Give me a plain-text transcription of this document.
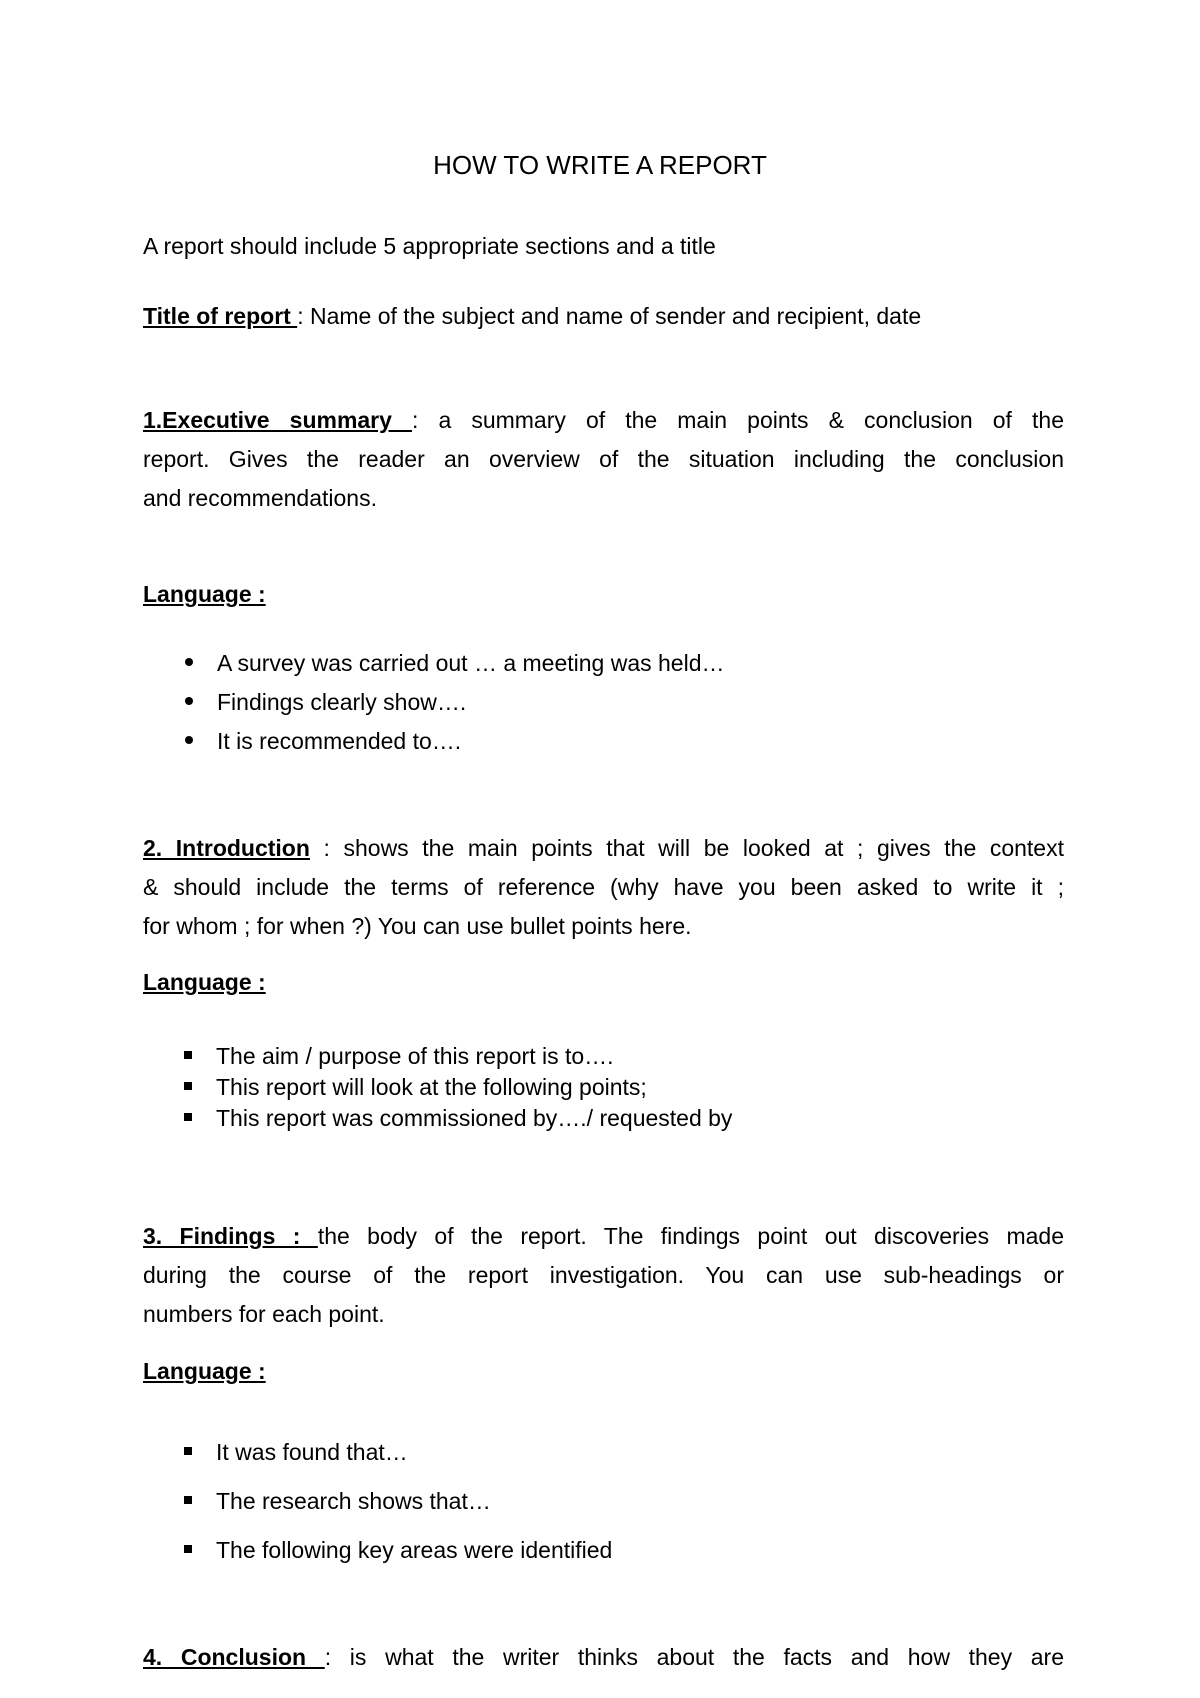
HOW TO WRITE A REPORT
A report should include 5 appropriate sections and a title
Title of report : Name of the subject and name of sender and recipient, date
1.Executive summary : a summary of the main points & conclusion of the
report. Gives the reader an overview of the situation including the conclusion
and recommendations.
Language :
A survey was carried out … a meeting was held…
Findings clearly show….
It is recommended to….
2. Introduction : shows the main points that will be looked at ; gives the context
& should include the terms of reference (why have you been asked to write it ;
for whom ; for when ?) You can use bullet points here.
Language :
The aim / purpose of this report is to….
This report will look at the following points;
This report was commissioned by…./ requested by
3. Findings : the body of the report. The findings point out discoveries made
during the course of the report investigation. You can use sub-headings or
numbers for each point.
Language :
It was found that…
The research shows that…
The following key areas were identified
4. Conclusion : is what the writer thinks about the facts and how they are
